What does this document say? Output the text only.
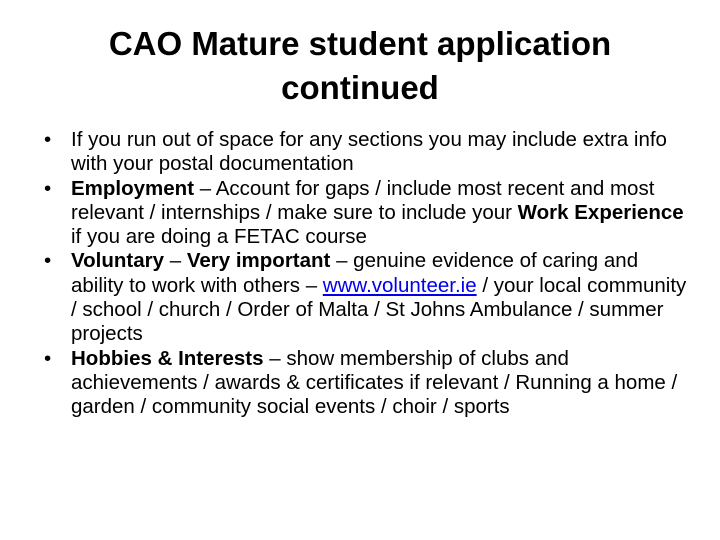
CAO Mature student application
continued
• If you run out of space for any sections you may include extra info with your postal documentation
• Employment – Account for gaps / include most recent and most relevant / internships / make sure to include your Work Experience if you are doing a FETAC course
• Voluntary – Very important – genuine evidence of caring and ability to work with others – www.volunteer.ie / your local community / school / church / Order of Malta / St Johns Ambulance / summer projects
• Hobbies & Interests – show membership of clubs and achievements / awards & certificates if relevant / Running a home / garden / community social events / choir / sports
